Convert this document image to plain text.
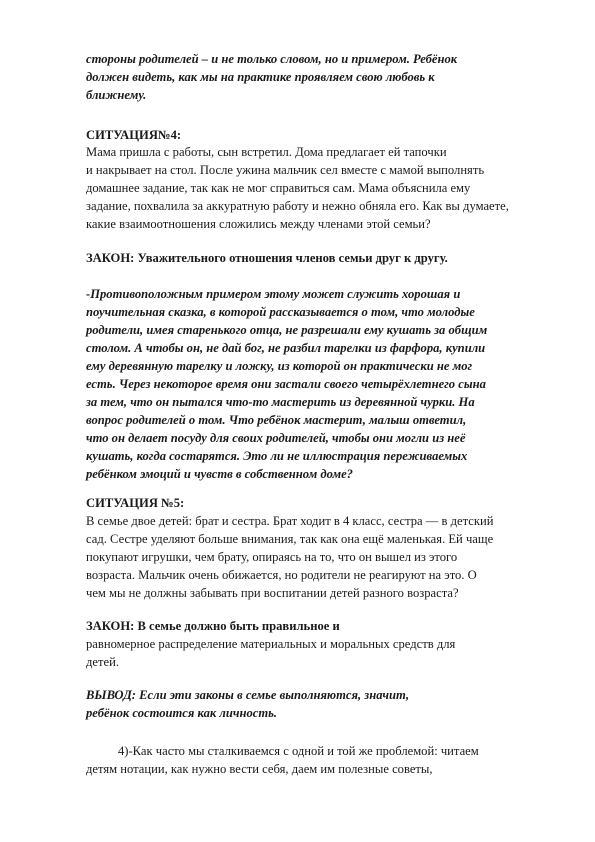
стороны родителей – и не только словом, но и примером. Ребёнок
должен видеть, как мы на практике проявляем свою любовь к
ближнему.

СИТУАЦИЯ№4:

Мама пришла с работы, сын встретил. Дома предлагает ей тапочки
и накрывает на стол. После ужина мальчик сел вместе с мамой выполнять
домашнее задание, так как не мог справиться сам. Мама объяснила ему
задание, похвалила за аккуратную работу и нежно обняла его. Как вы думаете,
какие взаимоотношения сложились между членами этой семьи?

ЗАКОН: Уважительного отношения членов семьи друг к другу.

-Противоположным примером этому может служить хорошая и
поучительная сказка, в которой рассказывается о том, что молодые
родители, имея старенького отца, не разрешали ему кушать за общим
столом. А чтобы он, не дай бог, не разбил тарелки из фарфора, купили
ему деревянную тарелку и ложку, из которой он практически не мог
есть. Через некоторое время они застали своего четырёхлетнего сына
за тем, что он пытался что-то мастерить из деревянной чурки. На
вопрос родителей о том. Что ребёнок мастерит, малыш ответил,
что он делает посуду для своих родителей, чтобы они могли из неё
кушать, когда состарятся. Это ли не иллюстрация переживаемых
ребёнком эмоций и чувств в собственном доме?

СИТУАЦИЯ №5:

В семье двое детей: брат и сестра. Брат ходит в 4 класс, сестра — в детский
сад. Сестре уделяют больше внимания, так как она ещё маленькая. Ей чаще
покупают игрушки, чем брату, опираясь на то, что он вышел из этого
возраста. Мальчик очень обижается, но родители не реагируют на это. О
чем мы не должны забывать при воспитании детей разного возраста?

ЗАКОН: В семье должно быть правильное и
равномерное распределение материальных и моральных средств для
детей.

ВЫВОД: Если эти законы в семье выполняются, значит,
ребёнок состоится как личность.

4)-Как часто мы сталкиваемся с одной и той же проблемой: читаем
детям нотации, как нужно вести себя, даем им полезные советы,
